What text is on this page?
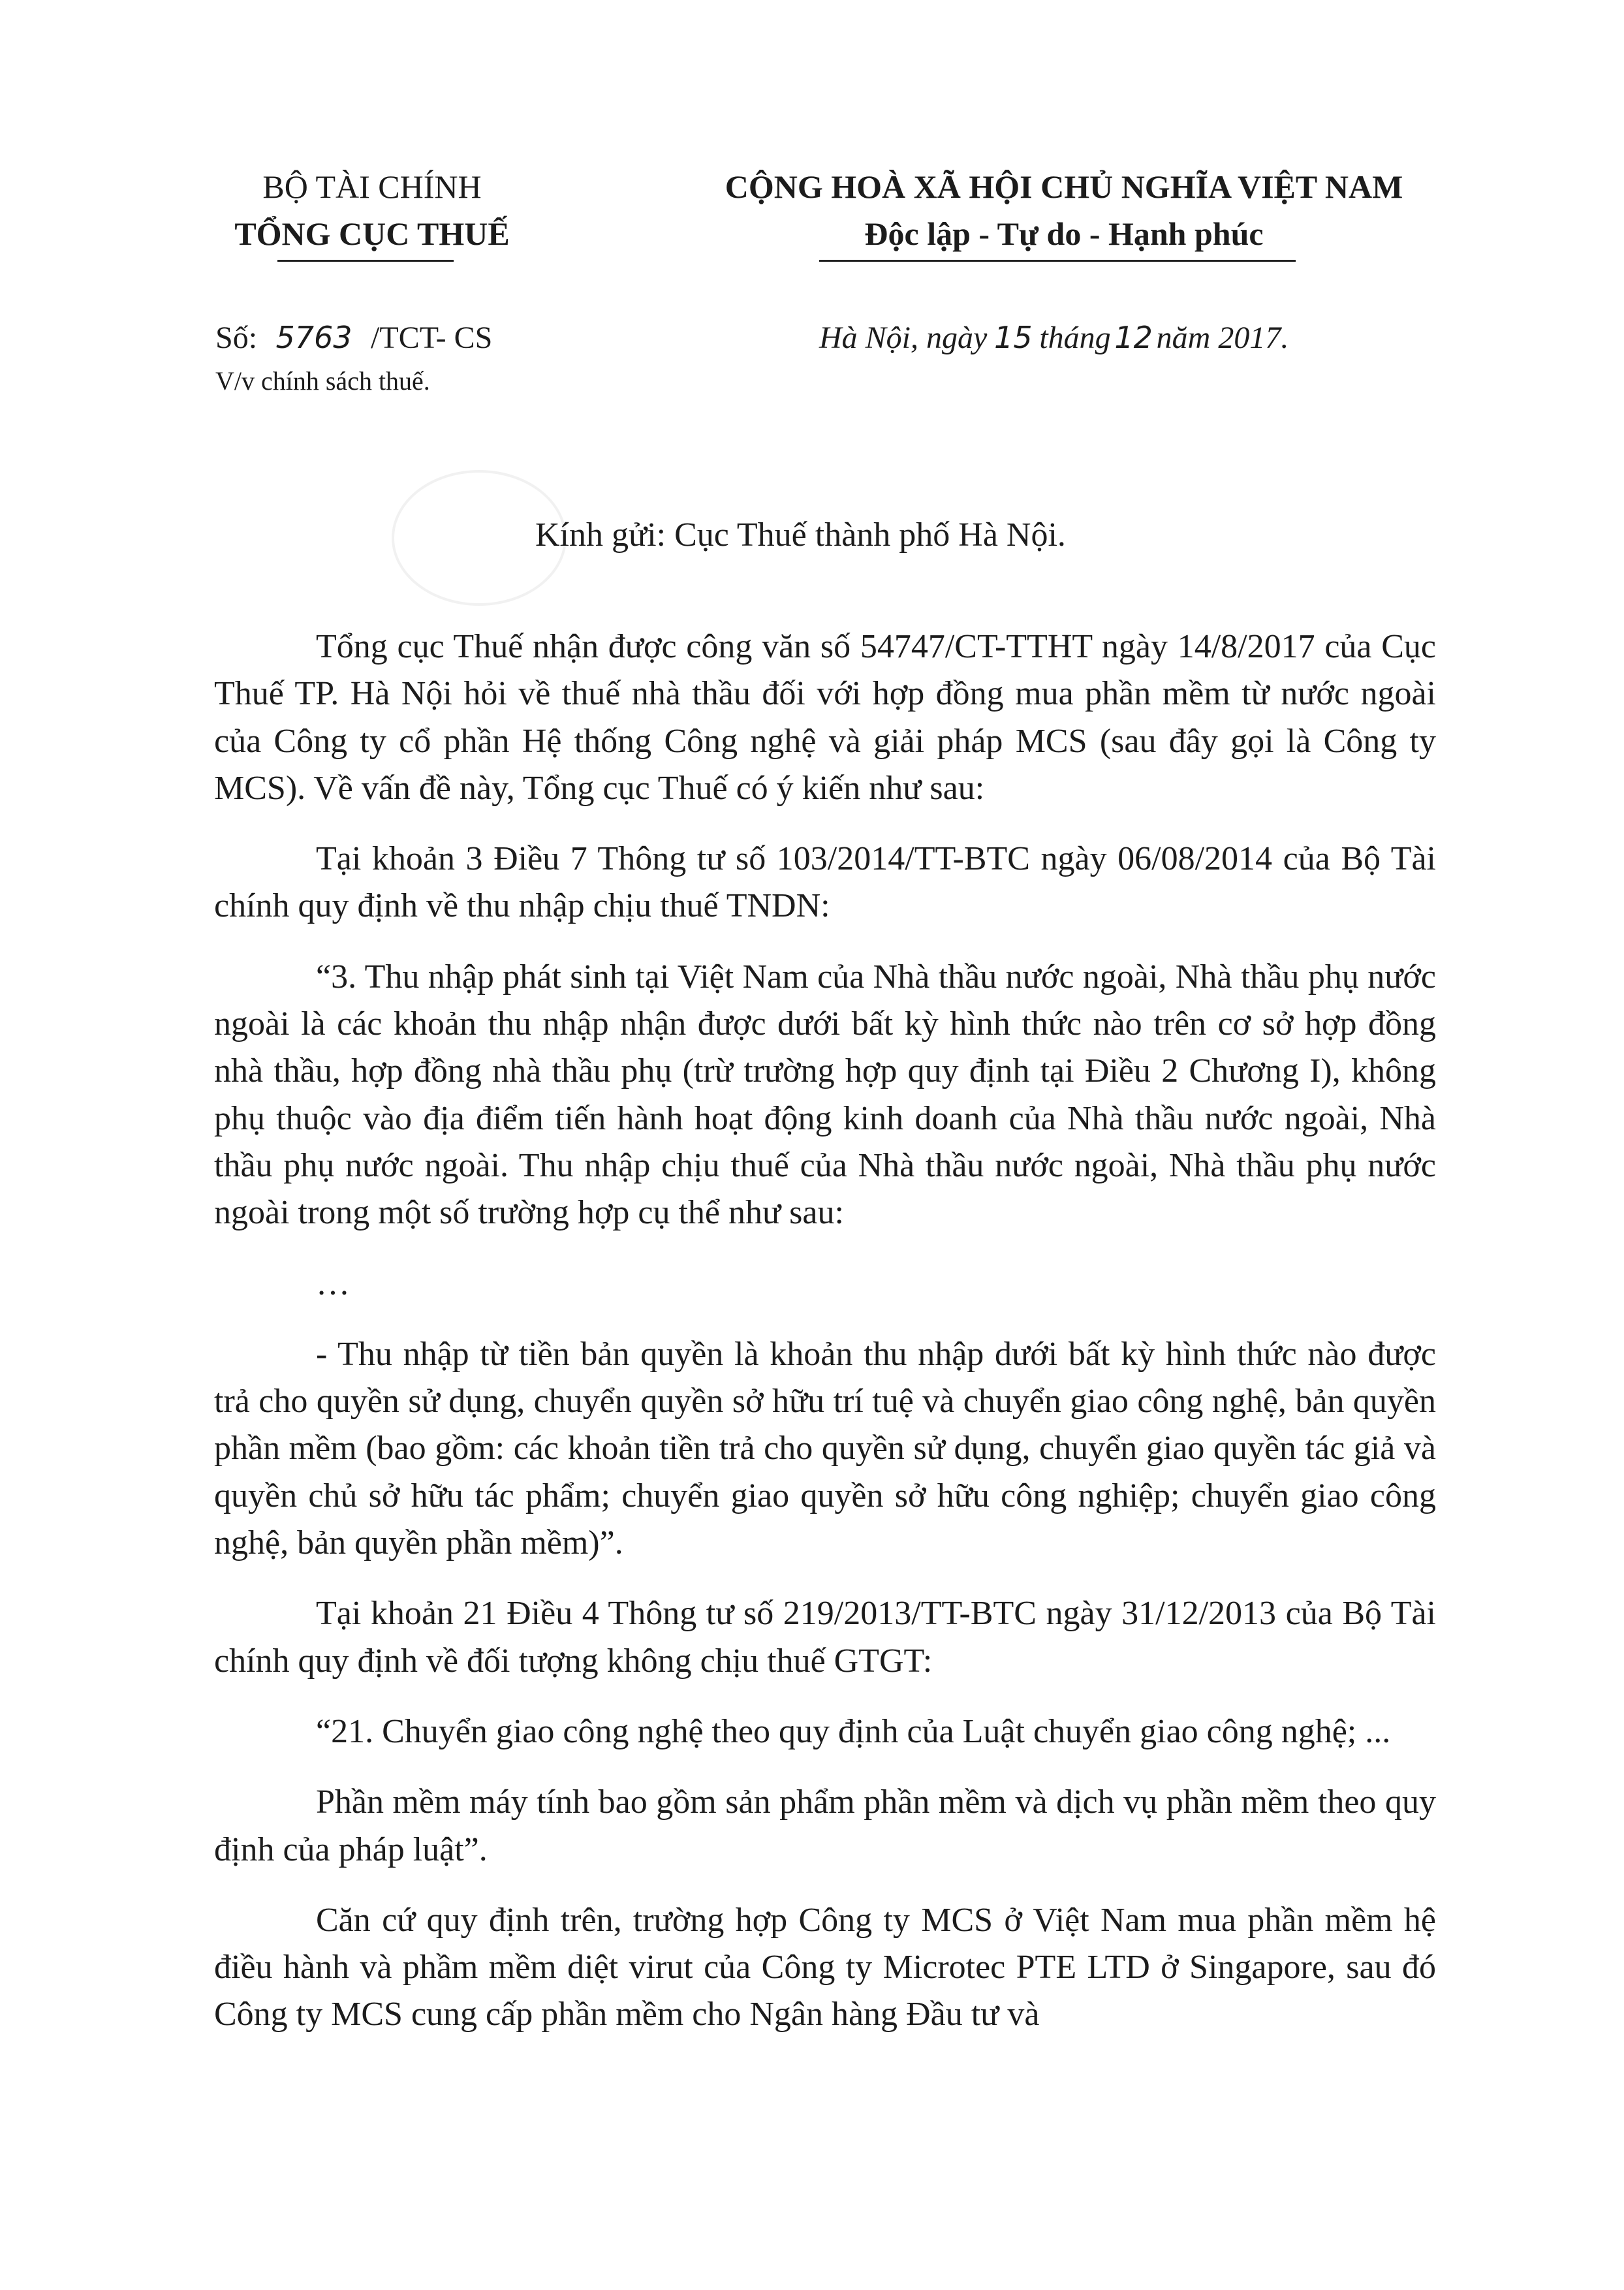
BỘ TÀI CHÍNH
TỔNG CỤC THUẾ
CỘNG HOÀ XÃ HỘI CHỦ NGHĨA VIỆT NAM
Độc lập - Tự do - Hạnh phúc
Số: 5763 /TCT- CS
V/v chính sách thuế.
Hà Nội, ngày 15 tháng 12 năm 2017.
Kính gửi: Cục Thuế thành phố Hà Nội.

Tổng cục Thuế nhận được công văn số 54747/CT-TTHT ngày 14/8/2017 của Cục Thuế TP. Hà Nội hỏi về thuế nhà thầu đối với hợp đồng mua phần mềm từ nước ngoài của Công ty cổ phần Hệ thống Công nghệ và giải pháp MCS (sau đây gọi là Công ty MCS). Về vấn đề này, Tổng cục Thuế có ý kiến như sau:

Tại khoản 3 Điều 7 Thông tư số 103/2014/TT-BTC ngày 06/08/2014 của Bộ Tài chính quy định về thu nhập chịu thuế TNDN:

“3. Thu nhập phát sinh tại Việt Nam của Nhà thầu nước ngoài, Nhà thầu phụ nước ngoài là các khoản thu nhập nhận được dưới bất kỳ hình thức nào trên cơ sở hợp đồng nhà thầu, hợp đồng nhà thầu phụ (trừ trường hợp quy định tại Điều 2 Chương I), không phụ thuộc vào địa điểm tiến hành hoạt động kinh doanh của Nhà thầu nước ngoài, Nhà thầu phụ nước ngoài. Thu nhập chịu thuế của Nhà thầu nước ngoài, Nhà thầu phụ nước ngoài trong một số trường hợp cụ thể như sau:

…

- Thu nhập từ tiền bản quyền là khoản thu nhập dưới bất kỳ hình thức nào được trả cho quyền sử dụng, chuyển quyền sở hữu trí tuệ và chuyển giao công nghệ, bản quyền phần mềm (bao gồm: các khoản tiền trả cho quyền sử dụng, chuyển giao quyền tác giả và quyền chủ sở hữu tác phẩm; chuyển giao quyền sở hữu công nghiệp; chuyển giao công nghệ, bản quyền phần mềm)”.

Tại khoản 21 Điều 4 Thông tư số 219/2013/TT-BTC ngày 31/12/2013 của Bộ Tài chính quy định về đối tượng không chịu thuế GTGT:

“21. Chuyển giao công nghệ theo quy định của Luật chuyển giao công nghệ; ...

Phần mềm máy tính bao gồm sản phẩm phần mềm và dịch vụ phần mềm theo quy định của pháp luật”.

Căn cứ quy định trên, trường hợp Công ty MCS ở Việt Nam mua phần mềm hệ điều hành và phầm mềm diệt virut của Công ty Microtec PTE LTD ở Singapore, sau đó Công ty MCS cung cấp phần mềm cho Ngân hàng Đầu tư và
